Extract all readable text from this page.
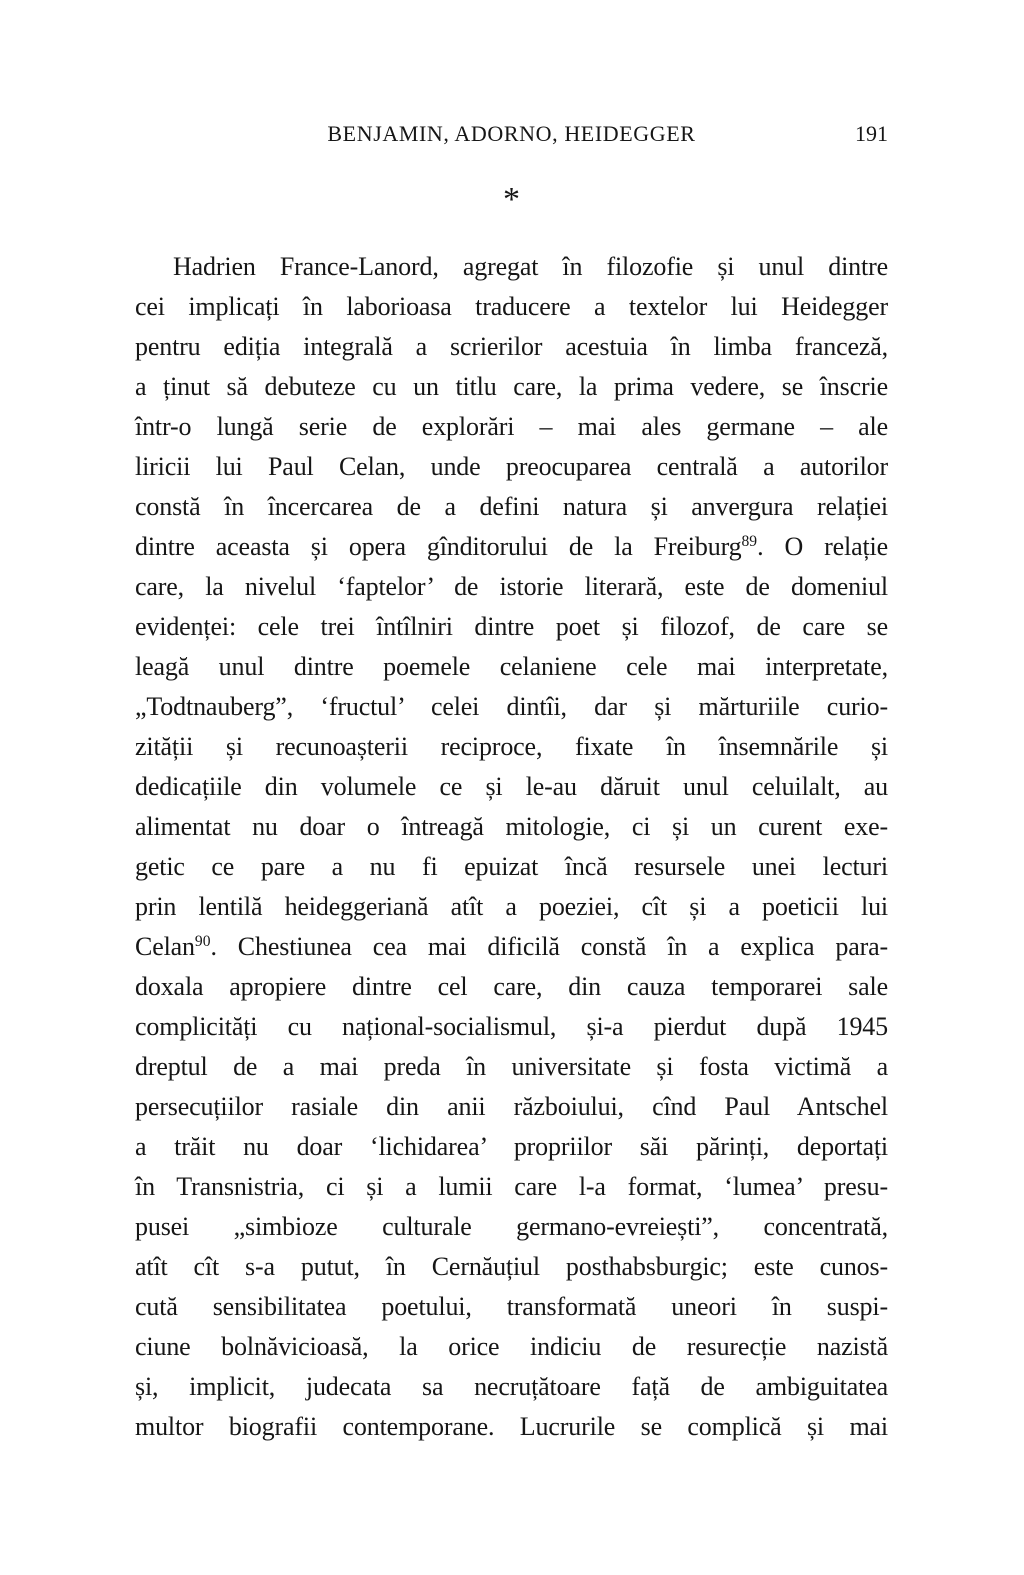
BENJAMIN, ADORNO, HEIDEGGER	191
*
Hadrien France-Lanord, agregat în filozofie și unul dintre
cei implicați în laborioasa traducere a textelor lui Heidegger
pentru ediția integrală a scrierilor acestuia în limba franceză,
a ținut să debuteze cu un titlu care, la prima vedere, se înscrie
într-o lungă serie de explorări – mai ales germane – ale
liricii lui Paul Celan, unde preocuparea centrală a autorilor
constă în încercarea de a defini natura și anvergura relației
dintre aceasta și opera gînditorului de la Freiburg$^{89}$. O relație
care, la nivelul ‘faptelor’ de istorie literară, este de domeniul
evidenței: cele trei întîlniri dintre poet și filozof, de care se
leagă unul dintre poemele celaniene cele mai interpretate,
„Todtnauberg”, ‘fructul’ celei dintîi, dar și mărturiile curio-
zității și recunoașterii reciproce, fixate în însemnările și
dedicațiile din volumele ce și le-au dăruit unul celuilalt, au
alimentat nu doar o întreagă mitologie, ci și un curent exe-
getic ce pare a nu fi epuizat încă resursele unei lecturi
prin lentilă heideggeriană atît a poeziei, cît și a poeticii lui
Celan$^{90}$. Chestiunea cea mai dificilă constă în a explica para-
doxala apropiere dintre cel care, din cauza temporarei sale
complicități cu național-socialismul, și-a pierdut după 1945
dreptul de a mai preda în universitate și fosta victimă a
persecuțiilor rasiale din anii războiului, cînd Paul Antschel
a trăit nu doar ‘lichidarea’ propriilor săi părinți, deportați
în Transnistria, ci și a lumii care l-a format, ‘lumea’ presu-
pusei „simbioze culturale germano-evreiești”, concentrată,
atît cît s-a putut, în Cernăuțiul posthabsburgic; este cunos-
cută sensibilitatea poetului, transformată uneori în suspi-
ciune bolnăvicioasă, la orice indiciu de resurecție nazistă
și, implicit, judecata sa necruțătoare față de ambiguitatea
multor biografii contemporane. Lucrurile se complică și mai
